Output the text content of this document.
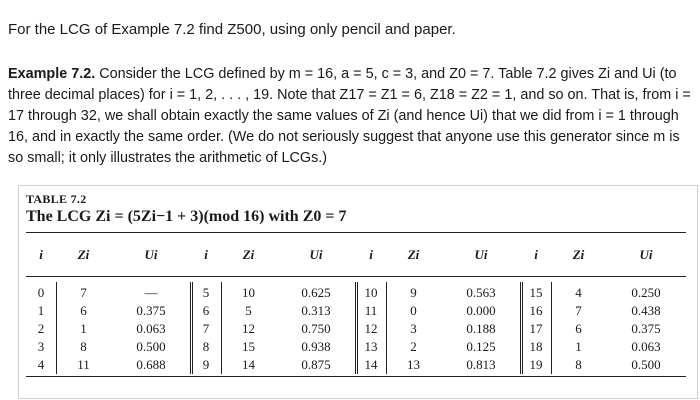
For the LCG of Example 7.2 find Z500, using only pencil and paper.
Example 7.2. Consider the LCG defined by m = 16, a = 5, c = 3, and Z0 = 7. Table 7.2 gives Zi and Ui (to three decimal places) for i = 1, 2, . . . , 19. Note that Z17 = Z1 = 6, Z18 = Z2 = 1, and so on. That is, from i = 17 through 32, we shall obtain exactly the same values of Zi (and hence Ui) that we did from i = 1 through 16, and in exactly the same order. (We do not seriously suggest that anyone use this generator since m is so small; it only illustrates the arithmetic of LCGs.)
TABLE 7.2
The LCG Zi = (5Zi−1 + 3)(mod 16) with Z0 = 7
i
0
1
2
3
4
Zi
7
6
1
8
11
Ui
—
0.375
0.063
0.500
0.688
i
5
6
7
8
9
Zi
10
5
12
15
14
Ui
0.625
0.313
0.750
0.938
0.875
i
10
11
12
13
14
Zi
9
0
3
2
13
Ui
0.563
0.000
0.188
0.125
0.813
i
15
16
17
18
19
Zi
4
7
6
1
8
Ui
0.250
0.438
0.375
0.063
0.500
